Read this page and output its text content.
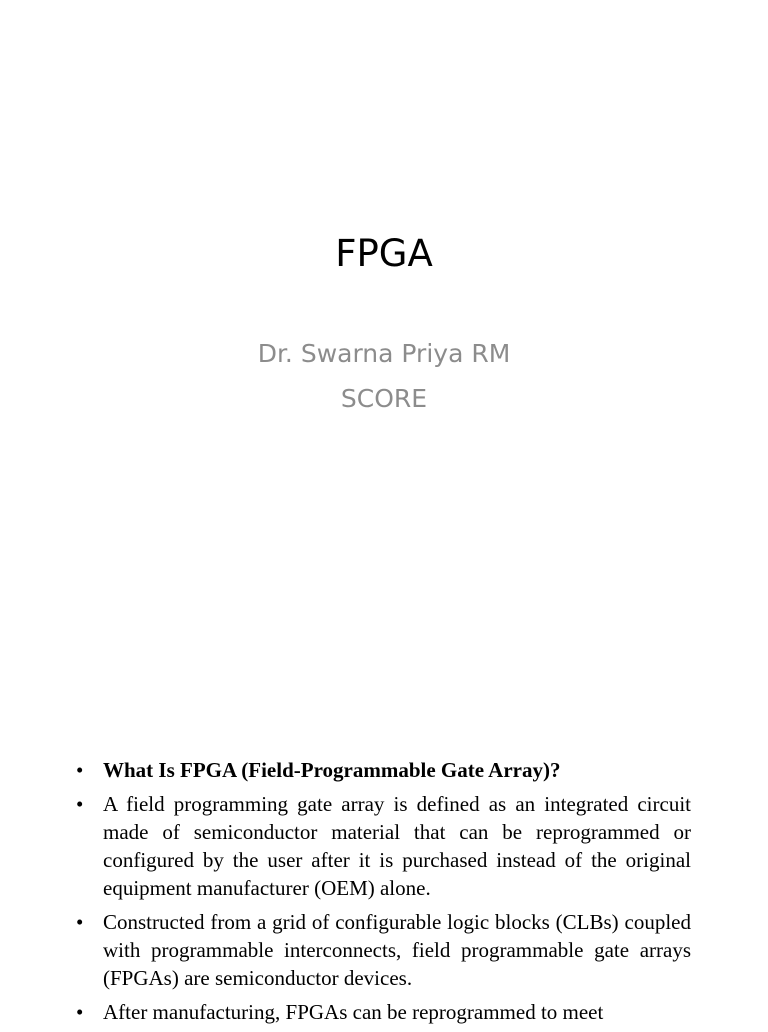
FPGA
Dr. Swarna Priya RM
SCORE
• What Is FPGA (Field-Programmable Gate Array)?
• A field programming gate array is defined as an integrated circuit made of semiconductor material that can be reprogrammed or configured by the user after it is purchased instead of the original equipment manufacturer (OEM) alone.
• Constructed from a grid of configurable logic blocks (CLBs) coupled with programmable interconnects, field programmable gate arrays (FPGAs) are semiconductor devices.
• After manufacturing, FPGAs can be reprogrammed to meet
